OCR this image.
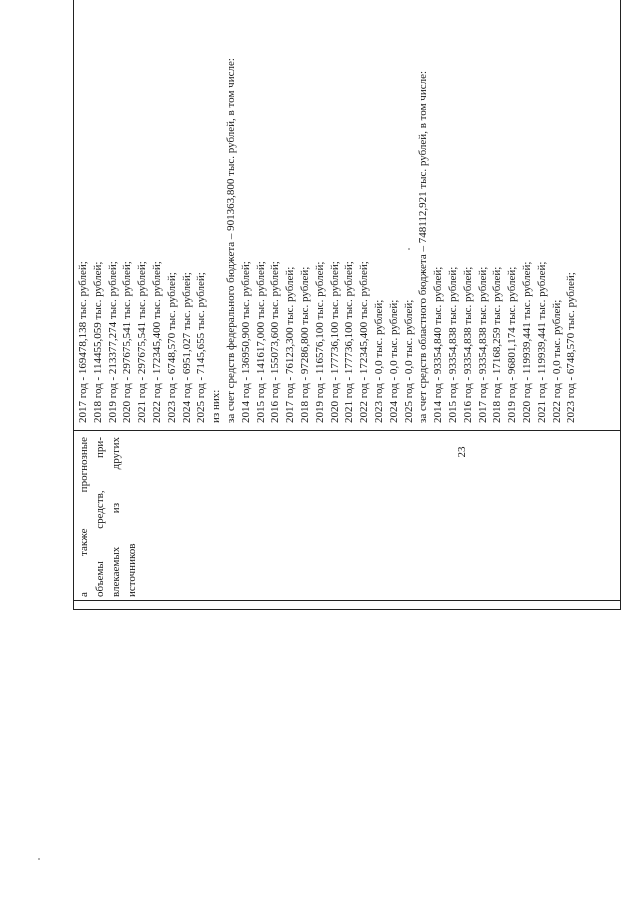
23
а
также
прогнозные
объемы
средств,
при-
влекаемых
из
других
источников
2017 год - 169478,138 тыс. рублей; 2018 год - 114455,059 тыс. рублей; 2019 год - 213377,274 тыс. рублей; 2020 год - 297675,541 тыс. рублей; 2021 год - 297675,541 тыс. рублей; 2022 год - 172345,400 тыс. рублей; 2023 год - 6748,570 тыс. рублей; 2024 год - 6951,027 тыс. рублей; 2025 год - 7145,655 тыс. рублей; из них: за счет средств федерального бюджета – 901363,800 тыс. рублей, в том числе: 2014 год - 136950,900 тыс. рублей; 2015 год - 141617,000 тыс. рублей; 2016 год - 155073,600 тыс. рублей; 2017 год - 76123,300 тыс. рублей; 2018 год - 97286,800 тыс. рублей; 2019 год - 116576,100 тыс. рублей; 2020 год - 177736,100 тыс. рублей; 2021 год - 177736,100 тыс. рублей; 2022 год - 172345,400 тыс. рублей; 2023 год - 0,0 тыс. рублей; 2024 год - 0,0 тыс. рублей; 2025 год - 0,0 тыс. рублей; за счет средств областного бюджета – 748112,921 тыс. рублей, в том числе: 2014 год - 93354,840 тыс. рублей; 2015 год - 93354,838 тыс. рублей; 2016 год - 93354,838 тыс. рублей; 2017 год - 93354,838 тыс. рублей; 2018 год - 17168,259 тыс. рублей; 2019 год - 96801,174 тыс. рублей; 2020 год - 119939,441 тыс. рублей; 2021 год - 119939,441 тыс. рублей; 2022 год - 0,0 тыс. рублей; 2023 год - 6748,570 тыс. рублей;
